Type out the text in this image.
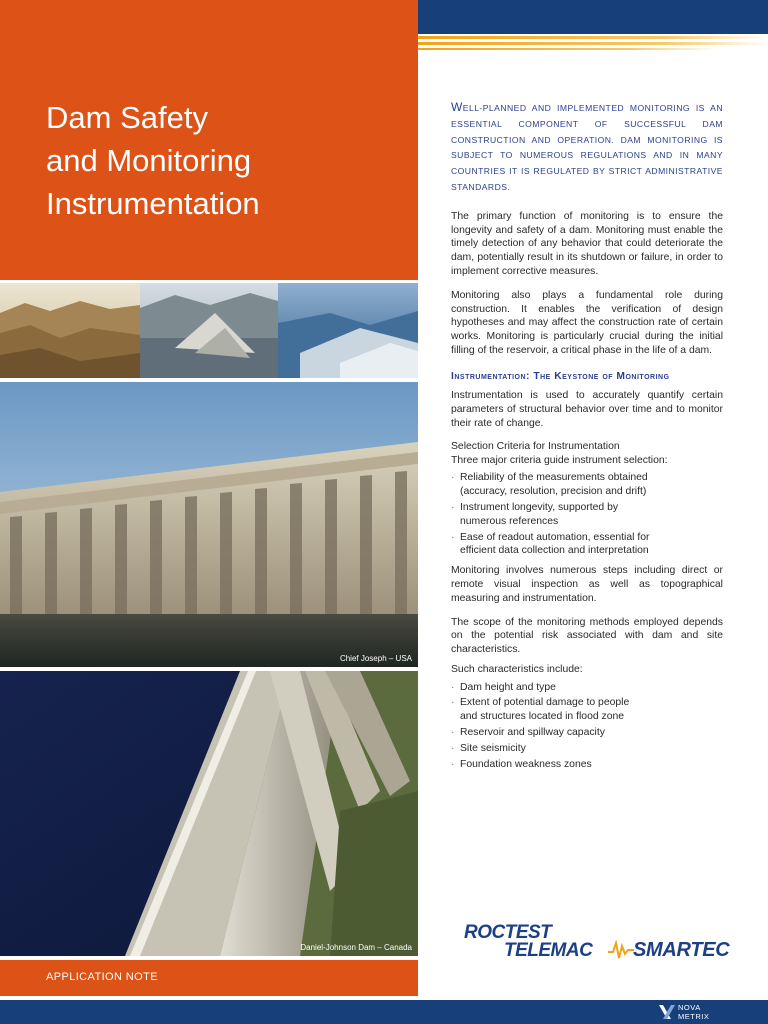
Dam Safety
and Monitoring
Instrumentation
Chief Joseph – USA
Daniel-Johnson Dam – Canada
APPLICATION NOTE

WELL-PLANNED AND IMPLEMENTED MONITORING IS AN ESSENTIAL COMPONENT OF SUCCESSFUL DAM CONSTRUCTION AND OPERATION. DAM MONITORING IS SUBJECT TO NUMEROUS REGULATIONS AND IN MANY COUNTRIES IT IS REGULATED BY STRICT ADMINISTRATIVE STANDARDS.

The primary function of monitoring is to ensure the longevity and safety of a dam. Monitoring must enable the timely detection of any behavior that could deteriorate the dam, potentially result in its shutdown or failure, in order to implement corrective measures.

Monitoring also plays a fundamental role during construction. It enables the verification of design hypotheses and may affect the construction rate of certain works. Monitoring is particularly crucial during the initial filling of the reservoir, a critical phase in the life of a dam.

Instrumentation: The Keystone of Monitoring

Instrumentation is used to accurately quantify certain parameters of structural behavior over time and to monitor their rate of change.

Selection Criteria for Instrumentation
Three major criteria guide instrument selection:
· Reliability of the measurements obtained
(accuracy, resolution, precision and drift)
· Instrument longevity, supported by
numerous references
· Ease of readout automation, essential for
efficient data collection and interpretation

Monitoring involves numerous steps including direct or remote visual inspection as well as topographical measuring and instrumentation.

The scope of the monitoring methods employed depends on the potential risk associated with dam and site characteristics.

Such characteristics include:
· Dam height and type
· Extent of potential damage to people
and structures located in flood zone
· Reservoir and spillway capacity
· Site seismicity
· Foundation weakness zones
ROCTEST
TELEMAC SMARTEC
NOVA
METRIX
